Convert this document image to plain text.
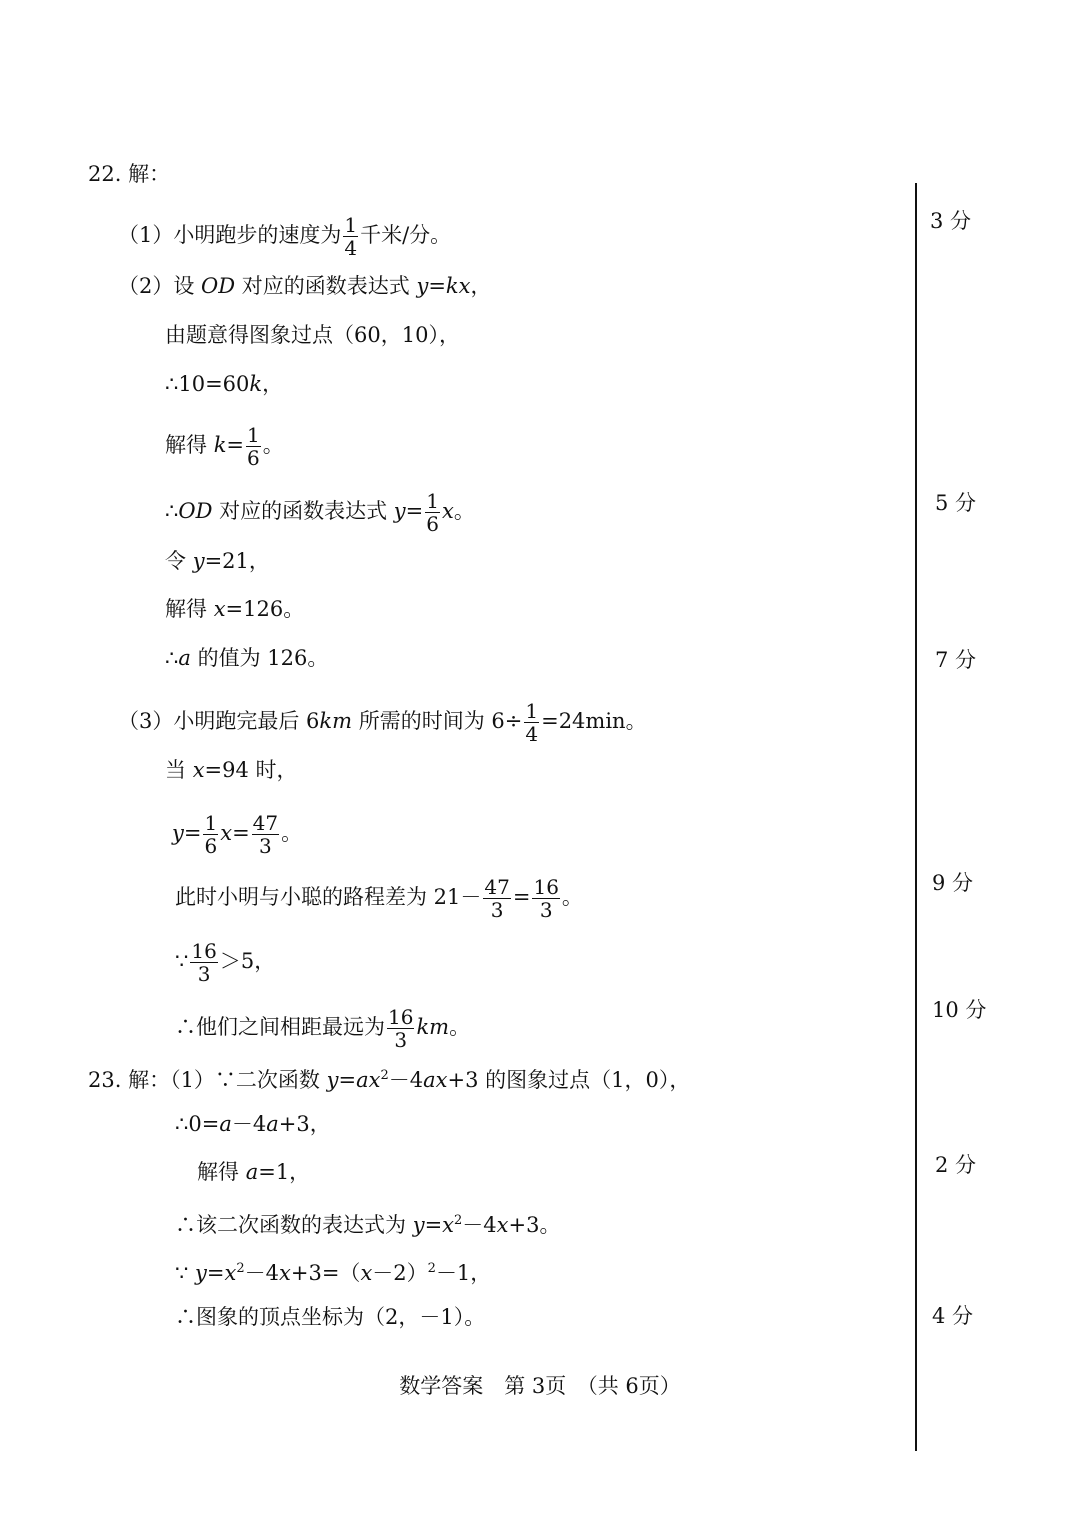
22. 解：
（1）小明跑步的速度为 $\frac{1}{4}$ 千米/分。
（2）设 OD 对应的函数表达式 y=kx，
由题意得图象过点（60，10），
∴10=60k，
解得 $k= \frac{1}{6}$ 。
∴OD 对应的函数表达式 $y= \frac{1}{6}$ x。
令 y=21，
解得 x=126。
∴a 的值为 126。
（3）小明跑完最后 6km 所需的时间为 $6\div \frac{1}{4} =24\min$。
当 x=94 时，
$y= \frac{1}{6} x= \frac{47}{3}$ 。
此时小明与小聪的路程差为 $21- \frac{47}{3} = \frac{16}{3}$ 。
∵ $\frac{16}{3} >5$，
∴他们之间相距最远为 $\frac{16}{3}$ km。
23. 解：（1）∵二次函数 $y=ax^2-4ax+3$ 的图象过点（1，0），
∴0=a－4a+3，
解得 a=1，
∴该二次函数的表达式为 $y=x^2-4x+3$。
∵ $y=x^2-4x+3=(x-2)^2-1$，
∴图象的顶点坐标为（2，－1）。
3 分
5 分
7 分
9 分
10 分
2 分
4 分
数学答案　第 3页　（共 6页）
